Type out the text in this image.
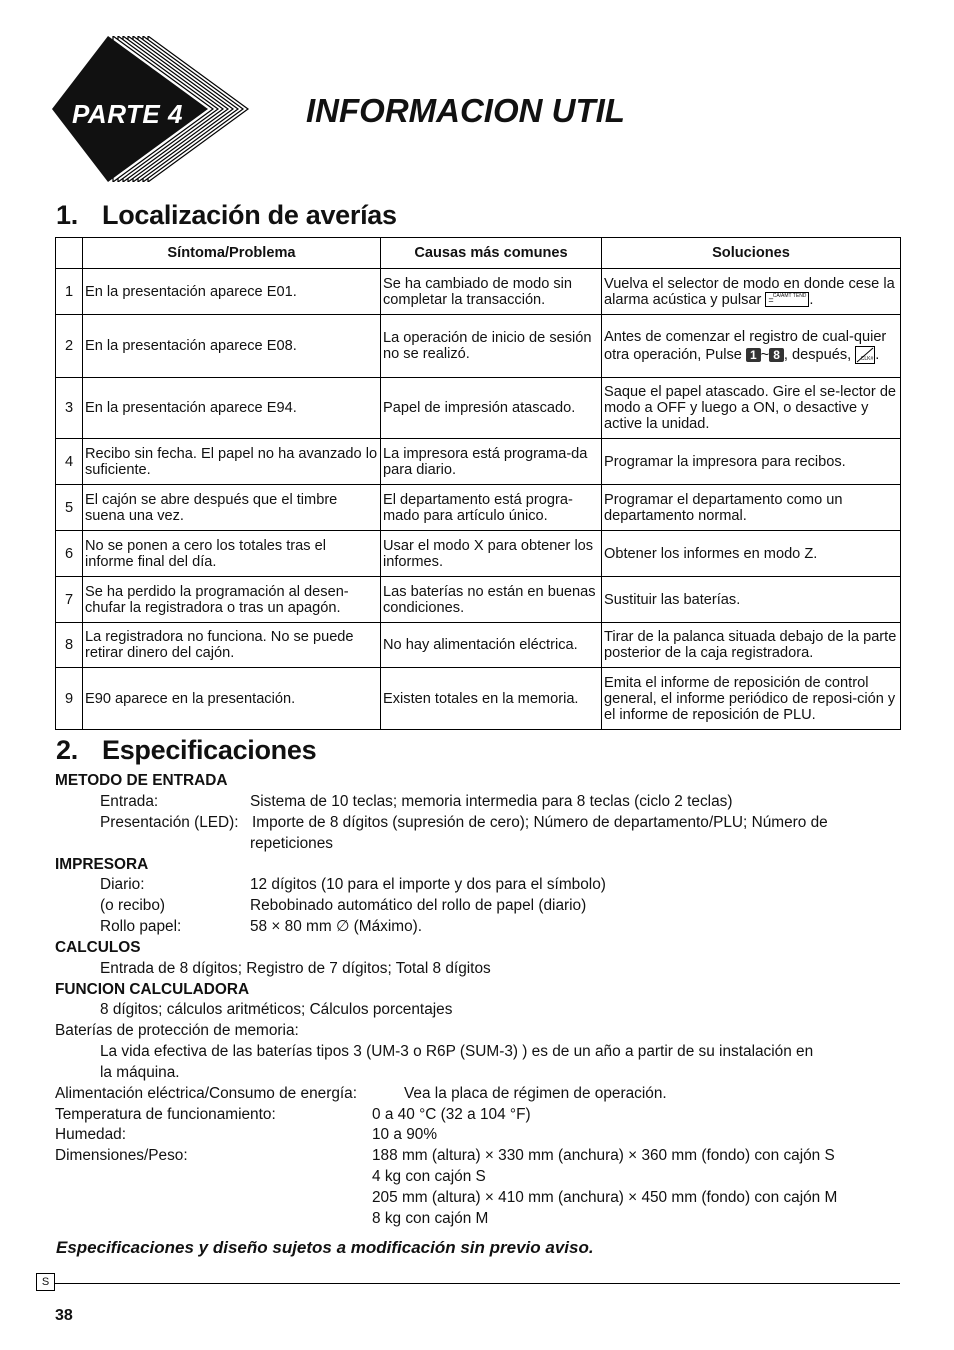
PARTE 4	INFORMACION UTIL
1. Localización de averías
	Síntoma/Problema	Causas más comunes	Soluciones
1	En la presentación aparece E01.	Se ha cambiado de modo sin completar la transacción.	Vuelva el selector de modo en donde cese la alarma acústica y pulsar = CA/AMT TEND .
2	En la presentación aparece E08.	La operación de inicio de sesión no se realizó.	Antes de comenzar el registro de cual-quier otra operación, Pulse 1 ~ 8 , después, CLK# .
3	En la presentación aparece E94.	Papel de impresión atascado.	Saque el papel atascado. Gire el se-lector de modo a OFF y luego a ON, o desactive y active la unidad.
4	Recibo sin fecha. El papel no ha avanzado lo suficiente.	La impresora está programa-da para diario.	Programar la impresora para recibos.
5	El cajón se abre después que el timbre suena una vez.	El departamento está progra-mado para artículo único.	Programar el departamento como un departamento normal.
6	No se ponen a cero los totales tras el informe final del día.	Usar el modo X para obtener los informes.	Obtener los informes en modo Z.
7	Se ha perdido la programación al desen-chufar la registradora o tras un apagón.	Las baterías no están en buenas condiciones.	Sustituir las baterías.
8	La registradora no funciona. No se puede retirar dinero del cajón.	No hay alimentación eléctrica.	Tirar de la palanca situada debajo de la parte posterior de la caja registradora.
9	E90 aparece en la presentación.	Existen totales en la memoria.	Emita el informe de reposición de control general, el informe periódico de reposi-ción y el informe de reposición de PLU.
2. Especificaciones
METODO DE ENTRADA
Entrada:	Sistema de 10 teclas; memoria intermedia para 8 teclas (ciclo 2 teclas)
Presentación (LED): Importe de 8 dígitos (supresión de cero); Número de departamento/PLU; Número de
repeticiones
IMPRESORA
Diario:	12 dígitos (10 para el importe y dos para el símbolo)
(o recibo)	Rebobinado automático del rollo de papel (diario)
Rollo papel:	58 × 80 mm ∅ (Máximo).
CALCULOS
Entrada de 8 dígitos; Registro de 7 dígitos; Total 8 dígitos
FUNCION CALCULADORA
8 dígitos; cálculos aritméticos; Cálculos porcentajes
Baterías de protección de memoria:
La vida efectiva de las baterías tipos 3 (UM-3 o R6P (SUM-3) ) es de un año a partir de su instalación en
la máquina.
Alimentación eléctrica/Consumo de energía:	Vea la placa de régimen de operación.
Temperatura de funcionamiento:	0 a 40 °C (32 a 104 °F)
Humedad:	10 a 90%
Dimensiones/Peso:	188 mm (altura) × 330 mm (anchura) × 360 mm (fondo) con cajón S
4 kg con cajón S
205 mm (altura) × 410 mm (anchura) × 450 mm (fondo) con cajón M
8 kg con cajón M
Especificaciones y diseño sujetos a modificación sin previo aviso.
S
38
